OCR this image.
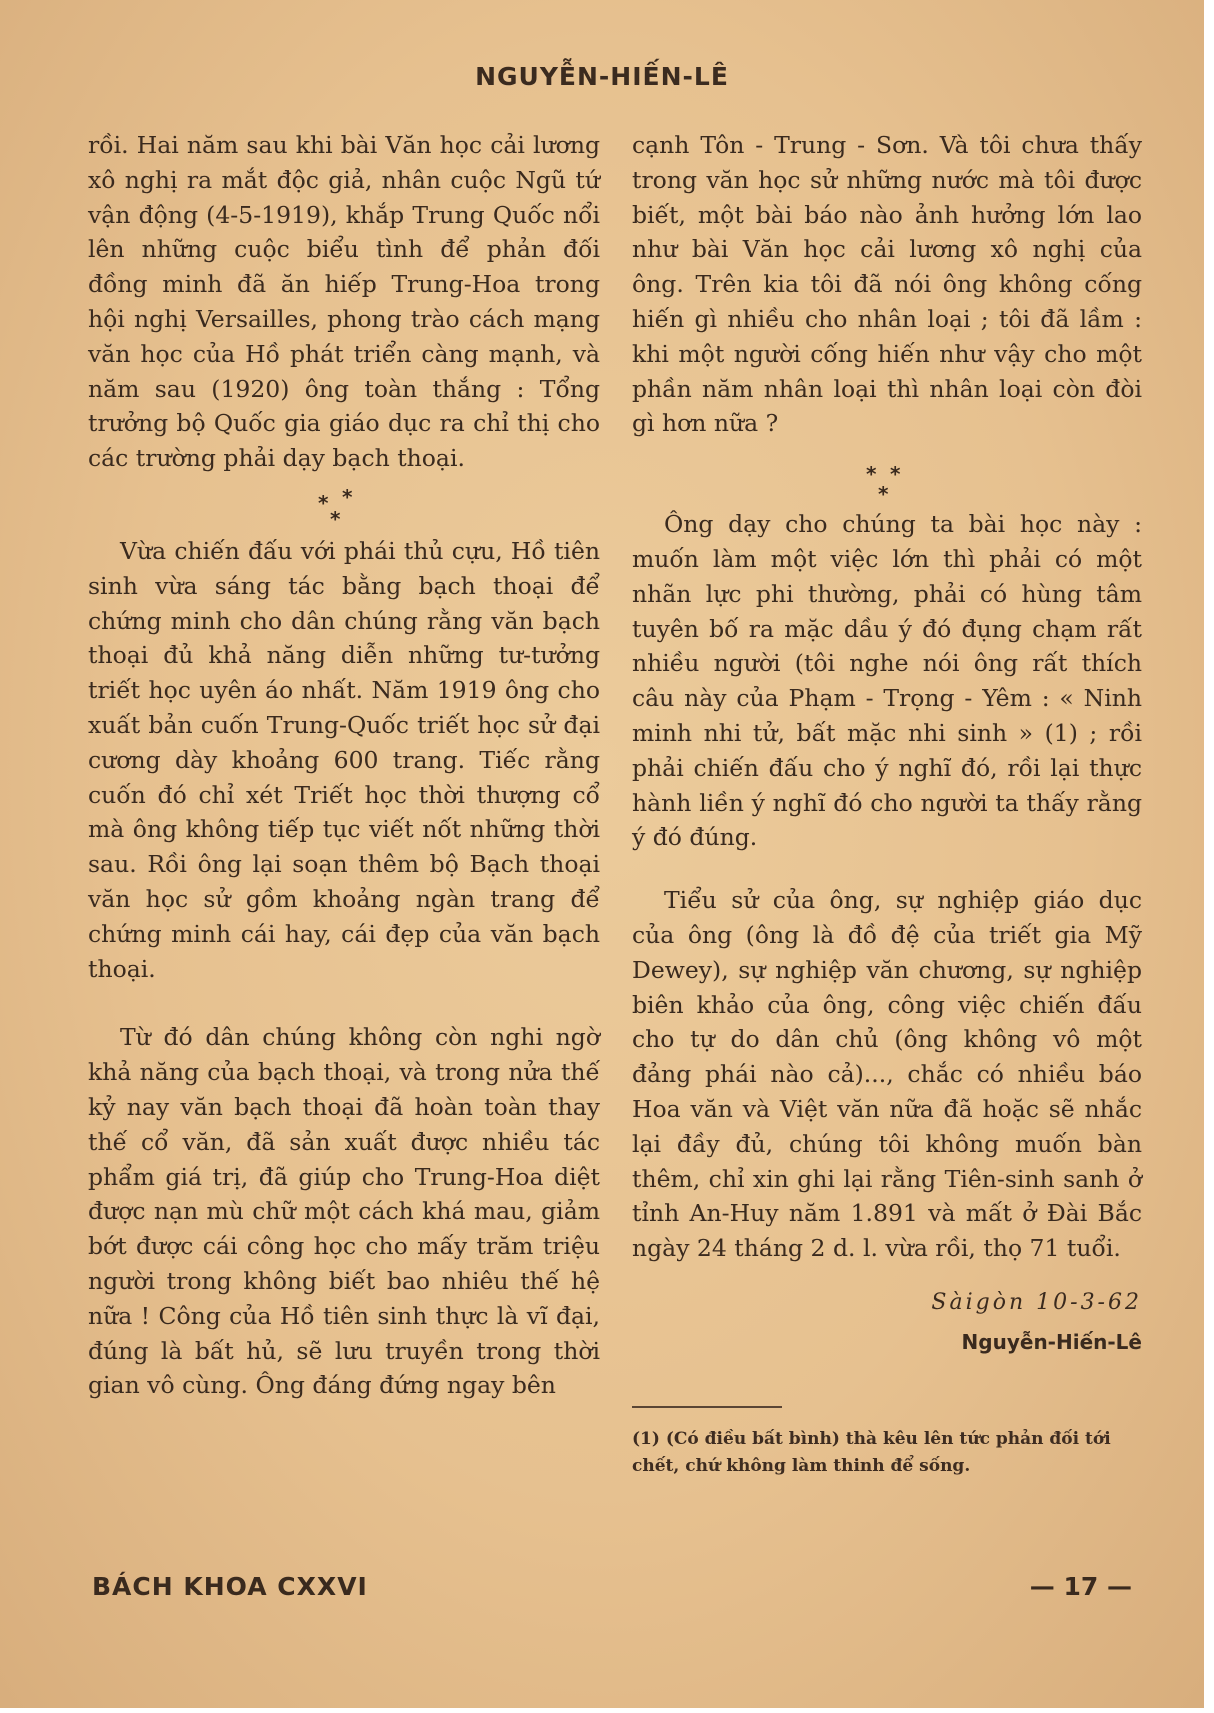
NGUYỄN-HIẾN-LÊ

rồi. Hai năm sau khi bài Văn học cải lương xô nghị ra mắt độc giả, nhân cuộc Ngũ tứ vận động (4-5-1919), khắp Trung Quốc nổi lên những cuộc biểu tình để phản đối đồng minh đã ăn hiếp Trung-Hoa trong hội nghị Versailles, phong trào cách mạng văn học của Hồ phát triển càng mạnh, và năm sau (1920) ông toàn thắng : Tổng trưởng bộ Quốc gia giáo dục ra chỉ thị cho các trường phải dạy bạch thoại.

* *
*

Vừa chiến đấu với phái thủ cựu, Hồ tiên sinh vừa sáng tác bằng bạch thoại để chứng minh cho dân chúng rằng văn bạch thoại đủ khả năng diễn những tư-tưởng triết học uyên áo nhất. Năm 1919 ông cho xuất bản cuốn Trung-Quốc triết học sử đại cương dày khoảng 600 trang. Tiếc rằng cuốn đó chỉ xét Triết học thời thượng cổ mà ông không tiếp tục viết nốt những thời sau. Rồi ông lại soạn thêm bộ Bạch thoại văn học sử gồm khoảng ngàn trang để chứng minh cái hay, cái đẹp của văn bạch thoại.

Từ đó dân chúng không còn nghi ngờ khả năng của bạch thoại, và trong nửa thế kỷ nay văn bạch thoại đã hoàn toàn thay thế cổ văn, đã sản xuất được nhiều tác phẩm giá trị, đã giúp cho Trung-Hoa diệt được nạn mù chữ một cách khá mau, giảm bớt được cái công học cho mấy trăm triệu người trong không biết bao nhiêu thế hệ nữa ! Công của Hồ tiên sinh thực là vĩ đại, đúng là bất hủ, sẽ lưu truyền trong thời gian vô cùng. Ông đáng đứng ngay bên

cạnh Tôn - Trung - Sơn. Và tôi chưa thấy trong văn học sử những nước mà tôi được biết, một bài báo nào ảnh hưởng lớn lao như bài Văn học cải lương xô nghị của ông. Trên kia tôi đã nói ông không cống hiến gì nhiều cho nhân loại ; tôi đã lầm : khi một người cống hiến như vậy cho một phần năm nhân loại thì nhân loại còn đòi gì hơn nữa ?

* *
*

Ông dạy cho chúng ta bài học này : muốn làm một việc lớn thì phải có một nhãn lực phi thường, phải có hùng tâm tuyên bố ra mặc dầu ý đó đụng chạm rất nhiều người (tôi nghe nói ông rất thích câu này của Phạm - Trọng - Yêm : « Ninh minh nhi tử, bất mặc nhi sinh » (1) ; rồi phải chiến đấu cho ý nghĩ đó, rồi lại thực hành liền ý nghĩ đó cho người ta thấy rằng ý đó đúng.

Tiểu sử của ông, sự nghiệp giáo dục của ông (ông là đồ đệ của triết gia Mỹ Dewey), sự nghiệp văn chương, sự nghiệp biên khảo của ông, công việc chiến đấu cho tự do dân chủ (ông không vô một đảng phái nào cả)..., chắc có nhiều báo Hoa văn và Việt văn nữa đã hoặc sẽ nhắc lại đầy đủ, chúng tôi không muốn bàn thêm, chỉ xin ghi lại rằng Tiên-sinh sanh ở tỉnh An-Huy năm 1.891 và mất ở Đài Bắc ngày 24 tháng 2 d. l. vừa rồi, thọ 71 tuổi.

Sàigòn 10-3-62
Nguyễn-Hiến-Lê
(1) (Có điều bất bình) thà kêu lên tức phản đối tới chết, chứ không làm thinh để sống.
BÁCH KHOA CXXVI	— 17 —
